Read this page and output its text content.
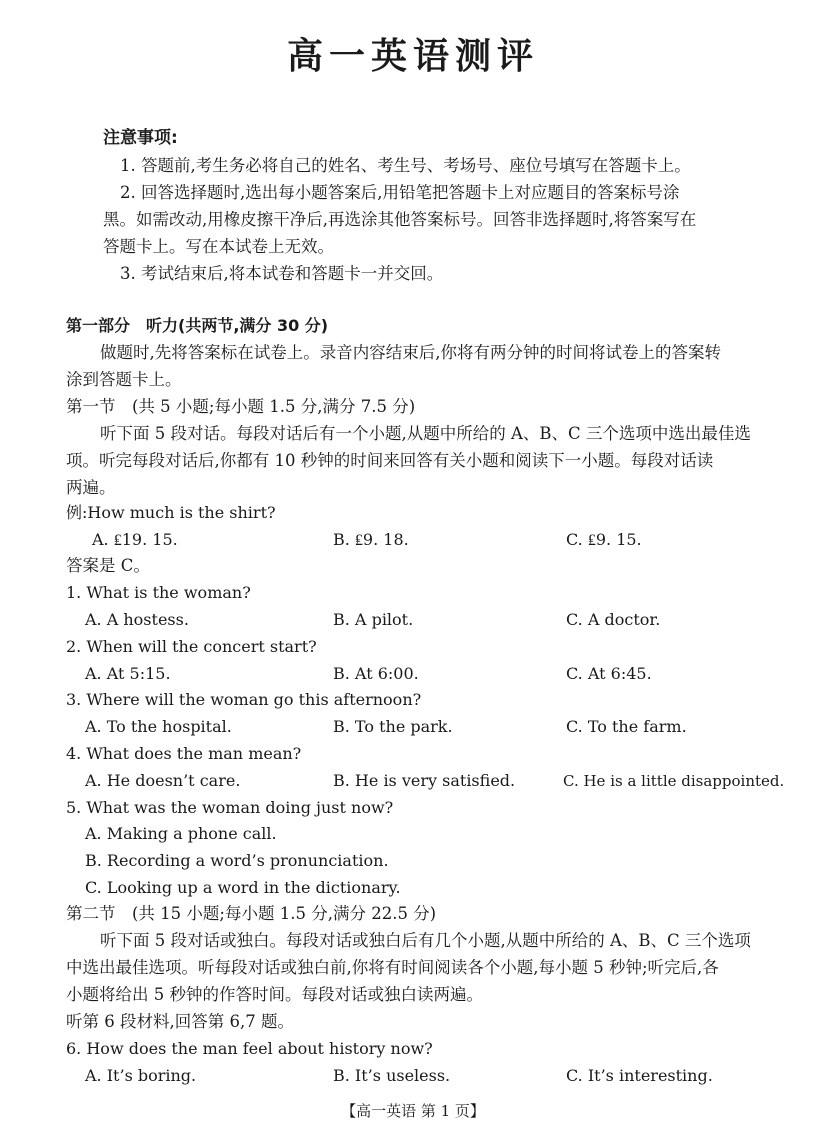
高一英语测评
注意事项:
1. 答题前,考生务必将自己的姓名、考生号、考场号、座位号填写在答题卡上。
2. 回答选择题时,选出每小题答案后,用铅笔把答题卡上对应题目的答案标号涂
黑。如需改动,用橡皮擦干净后,再选涂其他答案标号。回答非选择题时,将答案写在
答题卡上。写在本试卷上无效。
3. 考试结束后,将本试卷和答题卡一并交回。
第一部分　听力(共两节,满分 30 分)
做题时,先将答案标在试卷上。录音内容结束后,你将有两分钟的时间将试卷上的答案转
涂到答题卡上。
第一节　(共 5 小题;每小题 1.5 分,满分 7.5 分)
听下面 5 段对话。每段对话后有一个小题,从题中所给的 A、B、C 三个选项中选出最佳选
项。听完每段对话后,你都有 10 秒钟的时间来回答有关小题和阅读下一小题。每段对话读
两遍。
例:How much is the shirt?
A. ₤19. 15.	B. ₤9. 18.	C. ₤9. 15.
答案是 C。
1. What is the woman?
A. A hostess.	B. A pilot.	C. A doctor.
2. When will the concert start?
A. At 5:15.	B. At 6:00.	C. At 6:45.
3. Where will the woman go this afternoon?
A. To the hospital.	B. To the park.	C. To the farm.
4. What does the man mean?
A. He doesn’t care.	B. He is very satisfied.	C. He is a little disappointed.
5. What was the woman doing just now?
A. Making a phone call.
B. Recording a word’s pronunciation.
C. Looking up a word in the dictionary.
第二节　(共 15 小题;每小题 1.5 分,满分 22.5 分)
听下面 5 段对话或独白。每段对话或独白后有几个小题,从题中所给的 A、B、C 三个选项
中选出最佳选项。听每段对话或独白前,你将有时间阅读各个小题,每小题 5 秒钟;听完后,各
小题将给出 5 秒钟的作答时间。每段对话或独白读两遍。
听第 6 段材料,回答第 6,7 题。
6. How does the man feel about history now?
A. It’s boring.	B. It’s useless.	C. It’s interesting.
【高一英语 第 1 页】
